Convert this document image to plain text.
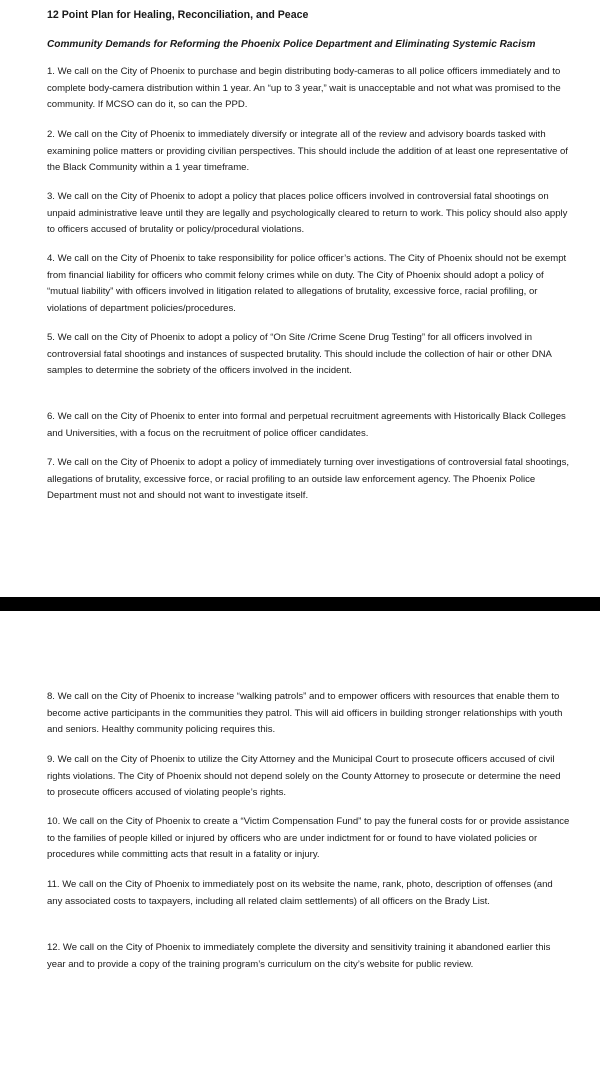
12 Point Plan for Healing, Reconciliation, and Peace
Community Demands for Reforming the Phoenix Police Department and Eliminating Systemic Racism

1. We call on the City of Phoenix to purchase and begin distributing body-cameras to all police officers immediately and to complete body-camera distribution within 1 year. An “up to 3 year,” wait is unacceptable and not what was promised to the community. If MCSO can do it, so can the PPD.

2. We call on the City of Phoenix to immediately diversify or integrate all of the review and advisory boards tasked with examining police matters or providing civilian perspectives. This should include the addition of at least one representative of the Black Community within a 1 year timeframe.

3. We call on the City of Phoenix to adopt a policy that places police officers involved in controversial fatal shootings on unpaid administrative leave until they are legally and psychologically cleared to return to work. This policy should also apply to officers accused of brutality or policy/procedural violations.

4. We call on the City of Phoenix to take responsibility for police officer’s actions. The City of Phoenix should not be exempt from financial liability for officers who commit felony crimes while on duty. The City of Phoenix should adopt a policy of “mutual liability” with officers involved in litigation related to allegations of brutality, excessive force, racial profiling, or violations of department policies/procedures.

5. We call on the City of Phoenix to adopt a policy of “On Site /Crime Scene Drug Testing” for all officers involved in controversial fatal shootings and instances of suspected brutality. This should include the collection of hair or other DNA samples to determine the sobriety of the officers involved in the incident.

6. We call on the City of Phoenix to enter into formal and perpetual recruitment agreements with Historically Black Colleges and Universities, with a focus on the recruitment of police officer candidates.

7. We call on the City of Phoenix to adopt a policy of immediately turning over investigations of controversial fatal shootings, allegations of brutality, excessive force, or racial profiling to an outside law enforcement agency. The Phoenix Police Department must not and should not want to investigate itself.

8. We call on the City of Phoenix to increase “walking patrols” and to empower officers with resources that enable them to become active participants in the communities they patrol. This will aid officers in building stronger relationships with youth and seniors. Healthy community policing requires this.

9. We call on the City of Phoenix to utilize the City Attorney and the Municipal Court to prosecute officers accused of civil rights violations. The City of Phoenix should not depend solely on the County Attorney to prosecute or determine the need to prosecute officers accused of violating people’s rights.

10. We call on the City of Phoenix to create a “Victim Compensation Fund” to pay the funeral costs for or provide assistance to the families of people killed or injured by officers who are under indictment for or found to have violated policies or procedures while committing acts that result in a fatality or injury.

11. We call on the City of Phoenix to immediately post on its website the name, rank, photo, description of offenses (and any associated costs to taxpayers, including all related claim settlements) of all officers on the Brady List.

12. We call on the City of Phoenix to immediately complete the diversity and sensitivity training it abandoned earlier this year and to provide a copy of the training program’s curriculum on the city’s website for public review.
